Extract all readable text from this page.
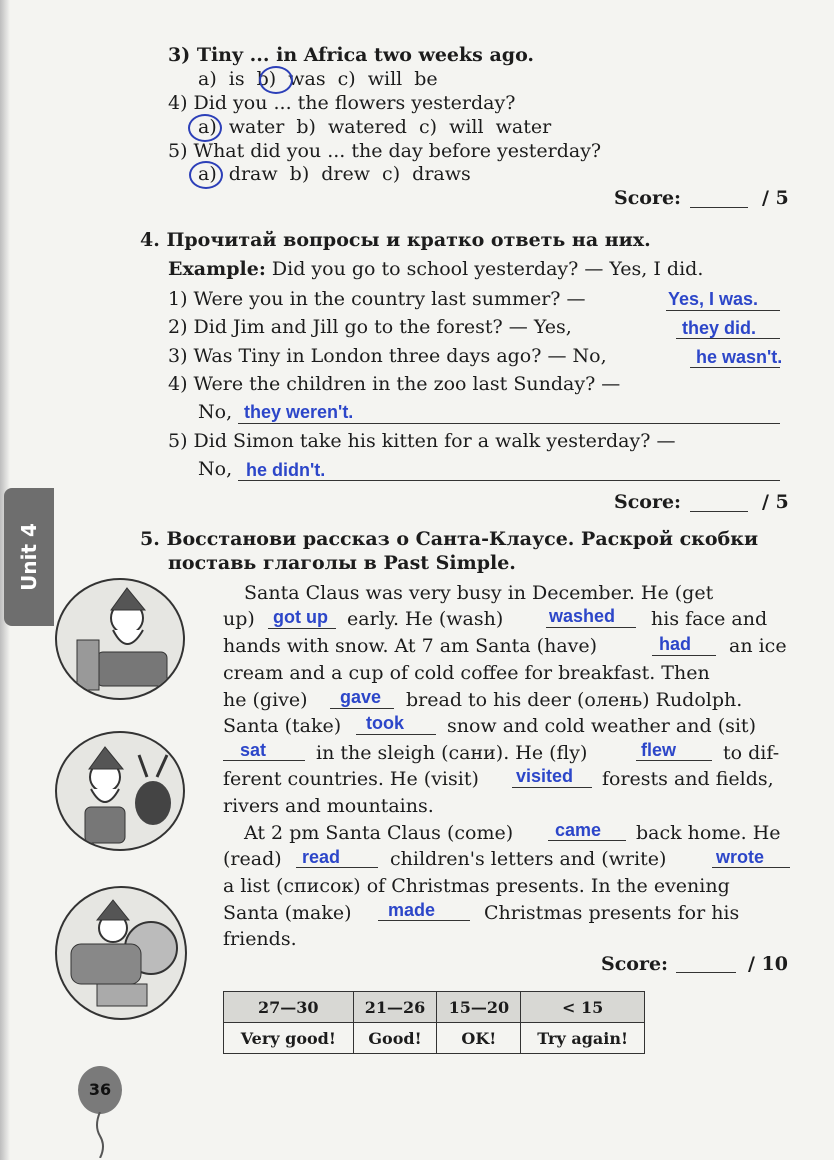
3) Tiny ... in Africa two weeks ago.
a) is b) was c) will be
4) Did you ... the flowers yesterday?
a) water b) watered c) will water
5) What did you ... the day before yesterday?
a) draw b) drew c) draws
Score:	/ 5
4. Прочитай вопросы и кратко ответь на них.
Example: Did you go to school yesterday? — Yes, I did.
1) Were you in the country last summer? —	Yes, I was.
2) Did Jim and Jill go to the forest? — Yes,	they did.
3) Was Tiny in London three days ago? — No,	he wasn't.
4) Were the children in the zoo last Sunday? —
No, they weren't.
5) Did Simon take his kitten for a walk yesterday? —
No, he didn't.
Score:	/ 5
Unit 4	5. Восстанови рассказ о Санта-Клаусе. Раскрой скобки
поставь глаголы в Past Simple.
Santa Claus was very busy in December. He (get
up) got up early. He (wash)	washed his face and
hands with snow. At 7 am Santa (have)	had an ice
cream and a cup of cold coffee for breakfast. Then
he (give) gave bread to his deer (олень) Rudolph.
Santa (take) took snow and cold weather and (sit)
sat	in the sleigh (сани). He (fly)	flew to dif-
ferent countries. He (visit) visited forests and fields,
rivers and mountains.
At 2 pm Santa Claus (come) came back home. He
(read) read	children's letters and (write)	wrote
a list (список) of Christmas presents. In the evening
Santa (make) made	Christmas presents for his
friends.
Score:	/ 10
27—30	21—26	15—20	< 15
Very good!	Good!	OK!	Try again!
36
